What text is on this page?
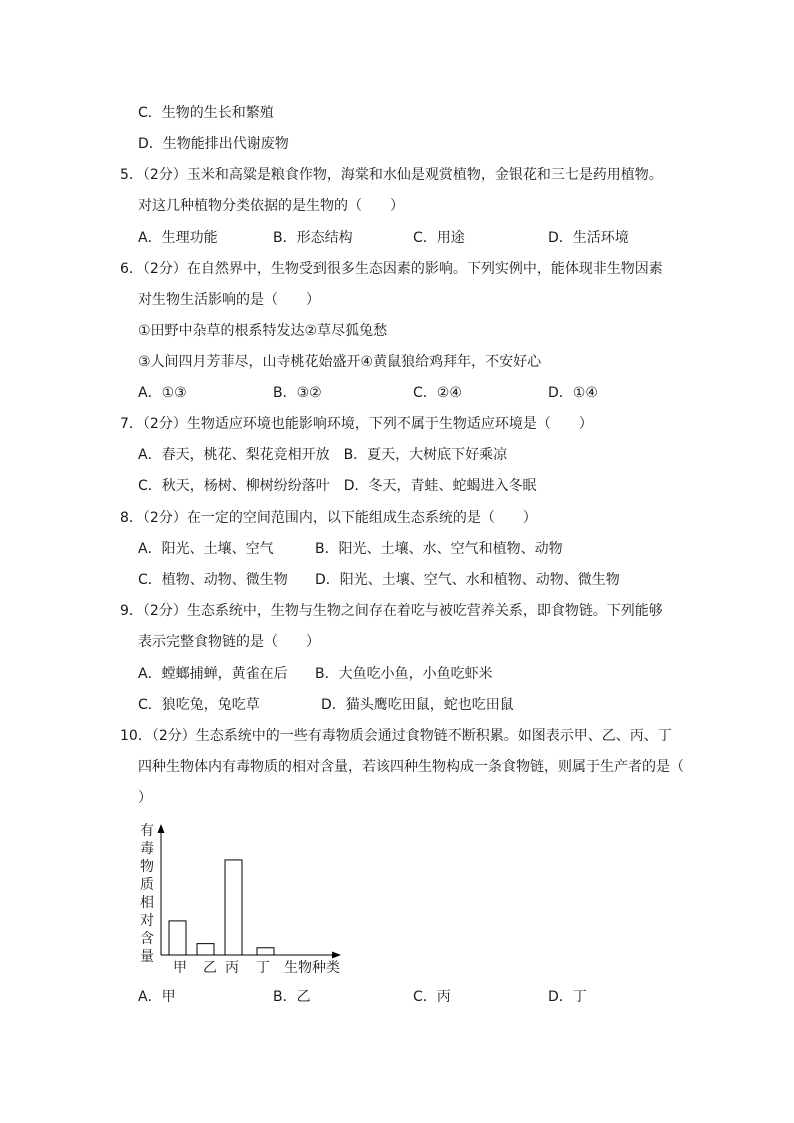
C．生物的生长和繁殖
D．生物能排出代谢废物
5．（2分）玉米和高粱是粮食作物，海棠和水仙是观赏植物，金银花和三七是药用植物。
对这几种植物分类依据的是生物的（　　）
A．生理功能	B．形态结构	C．用途	D．生活环境
6．（2分）在自然界中，生物受到很多生态因素的影响。下列实例中，能体现非生物因素
对生物生活影响的是（　　）
①田野中杂草的根系特发达②草尽狐兔愁
③人间四月芳菲尽，山寺桃花始盛开④黄鼠狼给鸡拜年，不安好心
A．①③	B．③②	C．②④	D．①④
7．（2分）生物适应环境也能影响环境，下列不属于生物适应环境是（　　）
A．春天，桃花、梨花竞相开放　B．夏天，大树底下好乘凉
C．秋天，杨树、柳树纷纷落叶　D．冬天，青蛙、蛇蝎进入冬眠
8．（2分）在一定的空间范围内，以下能组成生态系统的是（　　）
A．阳光、土壤、空气	B．阳光、土壤、水、空气和植物、动物
C．植物、动物、微生物 D．阳光、土壤、空气、水和植物、动物、微生物
9．（2分）生态系统中，生物与生物之间存在着吃与被吃营养关系，即食物链。下列能够
表示完整食物链的是（　　）
A．螳螂捕蝉，黄雀在后 B．大鱼吃小鱼，小鱼吃虾米
C．狼吃兔，兔吃草	D．猫头鹰吃田鼠，蛇也吃田鼠
10．（2分）生态系统中的一些有毒物质会通过食物链不断积累。如图表示甲、乙、丙、丁
四种生物体内有毒物质的相对含量，若该四种生物构成一条食物链，则属于生产者的是（
）
有
毒
物
质
相
对
含
量
甲 乙 丙 丁 生物种类
A．甲	B．乙	C．丙	D．丁
